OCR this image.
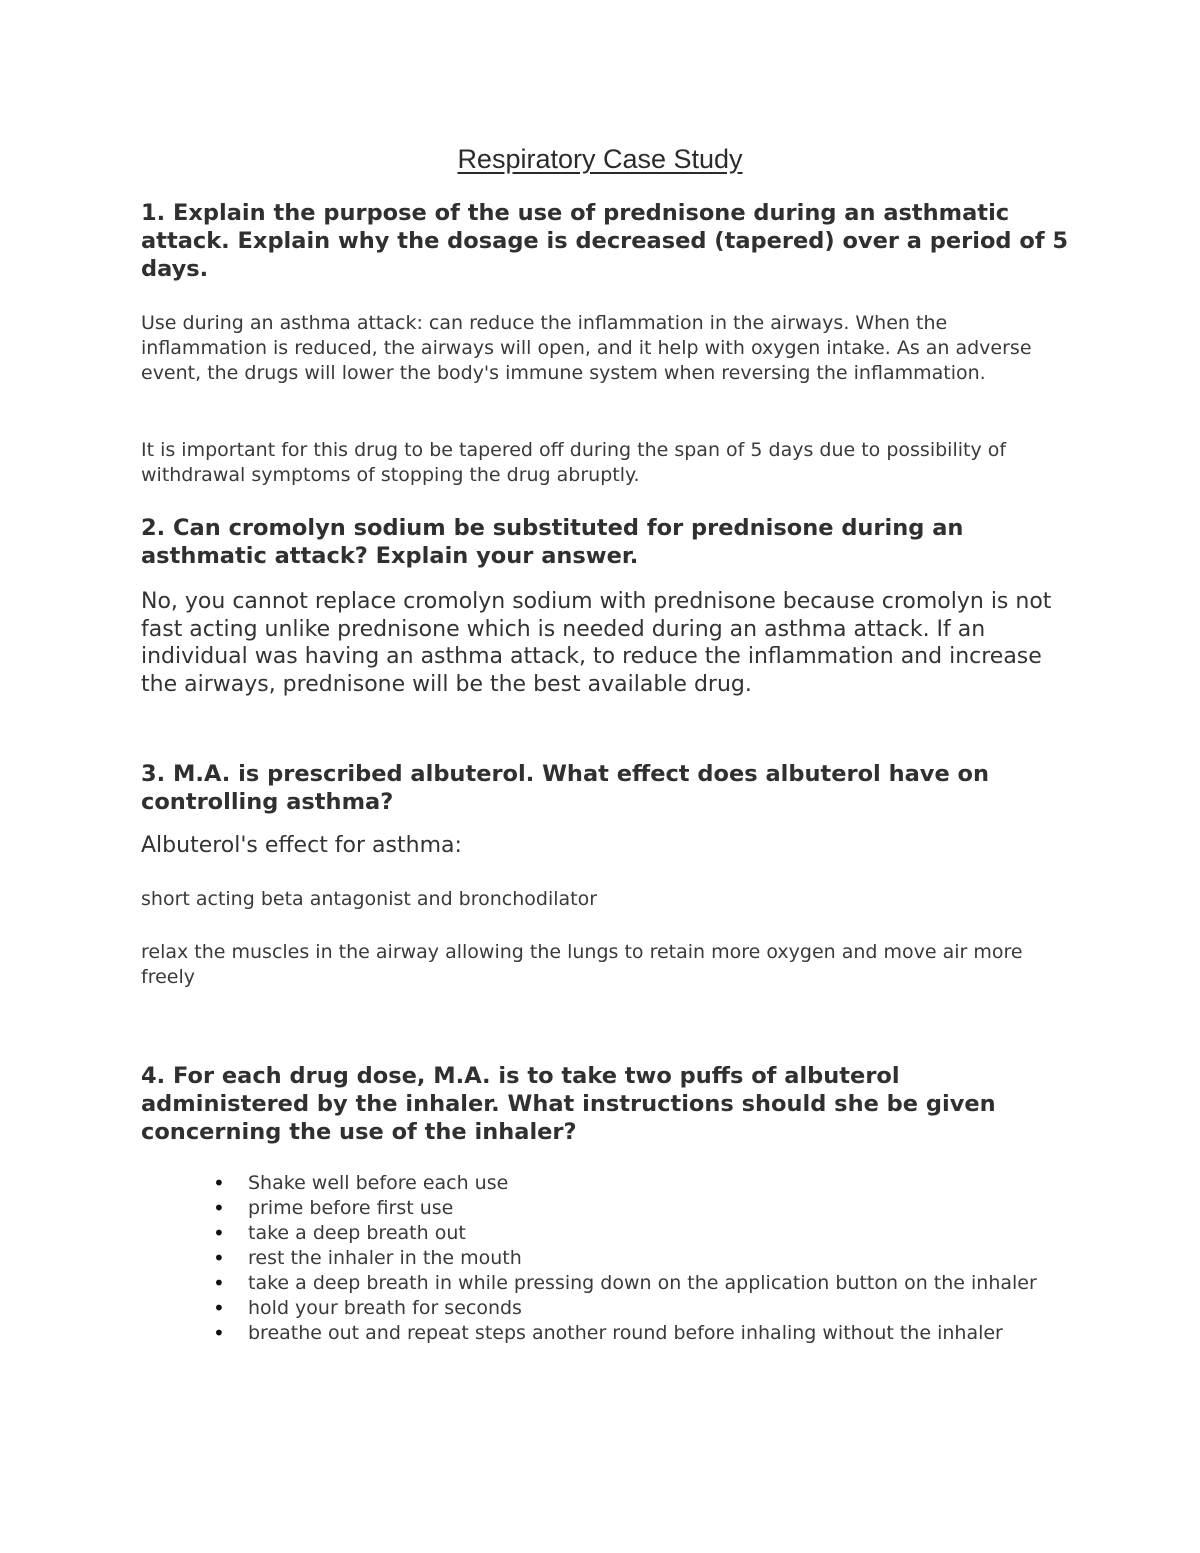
Respiratory Case Study

1. Explain the purpose of the use of prednisone during an asthmatic attack. Explain why the dosage is decreased (tapered) over a period of 5 days.

Use during an asthma attack: can reduce the inflammation in the airways. When the inflammation is reduced, the airways will open, and it help with oxygen intake. As an adverse event, the drugs will lower the body's immune system when reversing the inflammation.

It is important for this drug to be tapered off during the span of 5 days due to possibility of withdrawal symptoms of stopping the drug abruptly.

2. Can cromolyn sodium be substituted for prednisone during an asthmatic attack? Explain your answer.

No, you cannot replace cromolyn sodium with prednisone because cromolyn is not fast acting unlike prednisone which is needed during an asthma attack. If an individual was having an asthma attack, to reduce the inflammation and increase the airways, prednisone will be the best available drug.

3. M.A. is prescribed albuterol. What effect does albuterol have on controlling asthma?

Albuterol's effect for asthma:

short acting beta antagonist and bronchodilator

relax the muscles in the airway allowing the lungs to retain more oxygen and move air more freely

4. For each drug dose, M.A. is to take two puffs of albuterol administered by the inhaler. What instructions should she be given concerning the use of the inhaler?

• Shake well before each use
• prime before first use
• take a deep breath out
• rest the inhaler in the mouth
• take a deep breath in while pressing down on the application button on the inhaler
• hold your breath for seconds
• breathe out and repeat steps another round before inhaling without the inhaler
